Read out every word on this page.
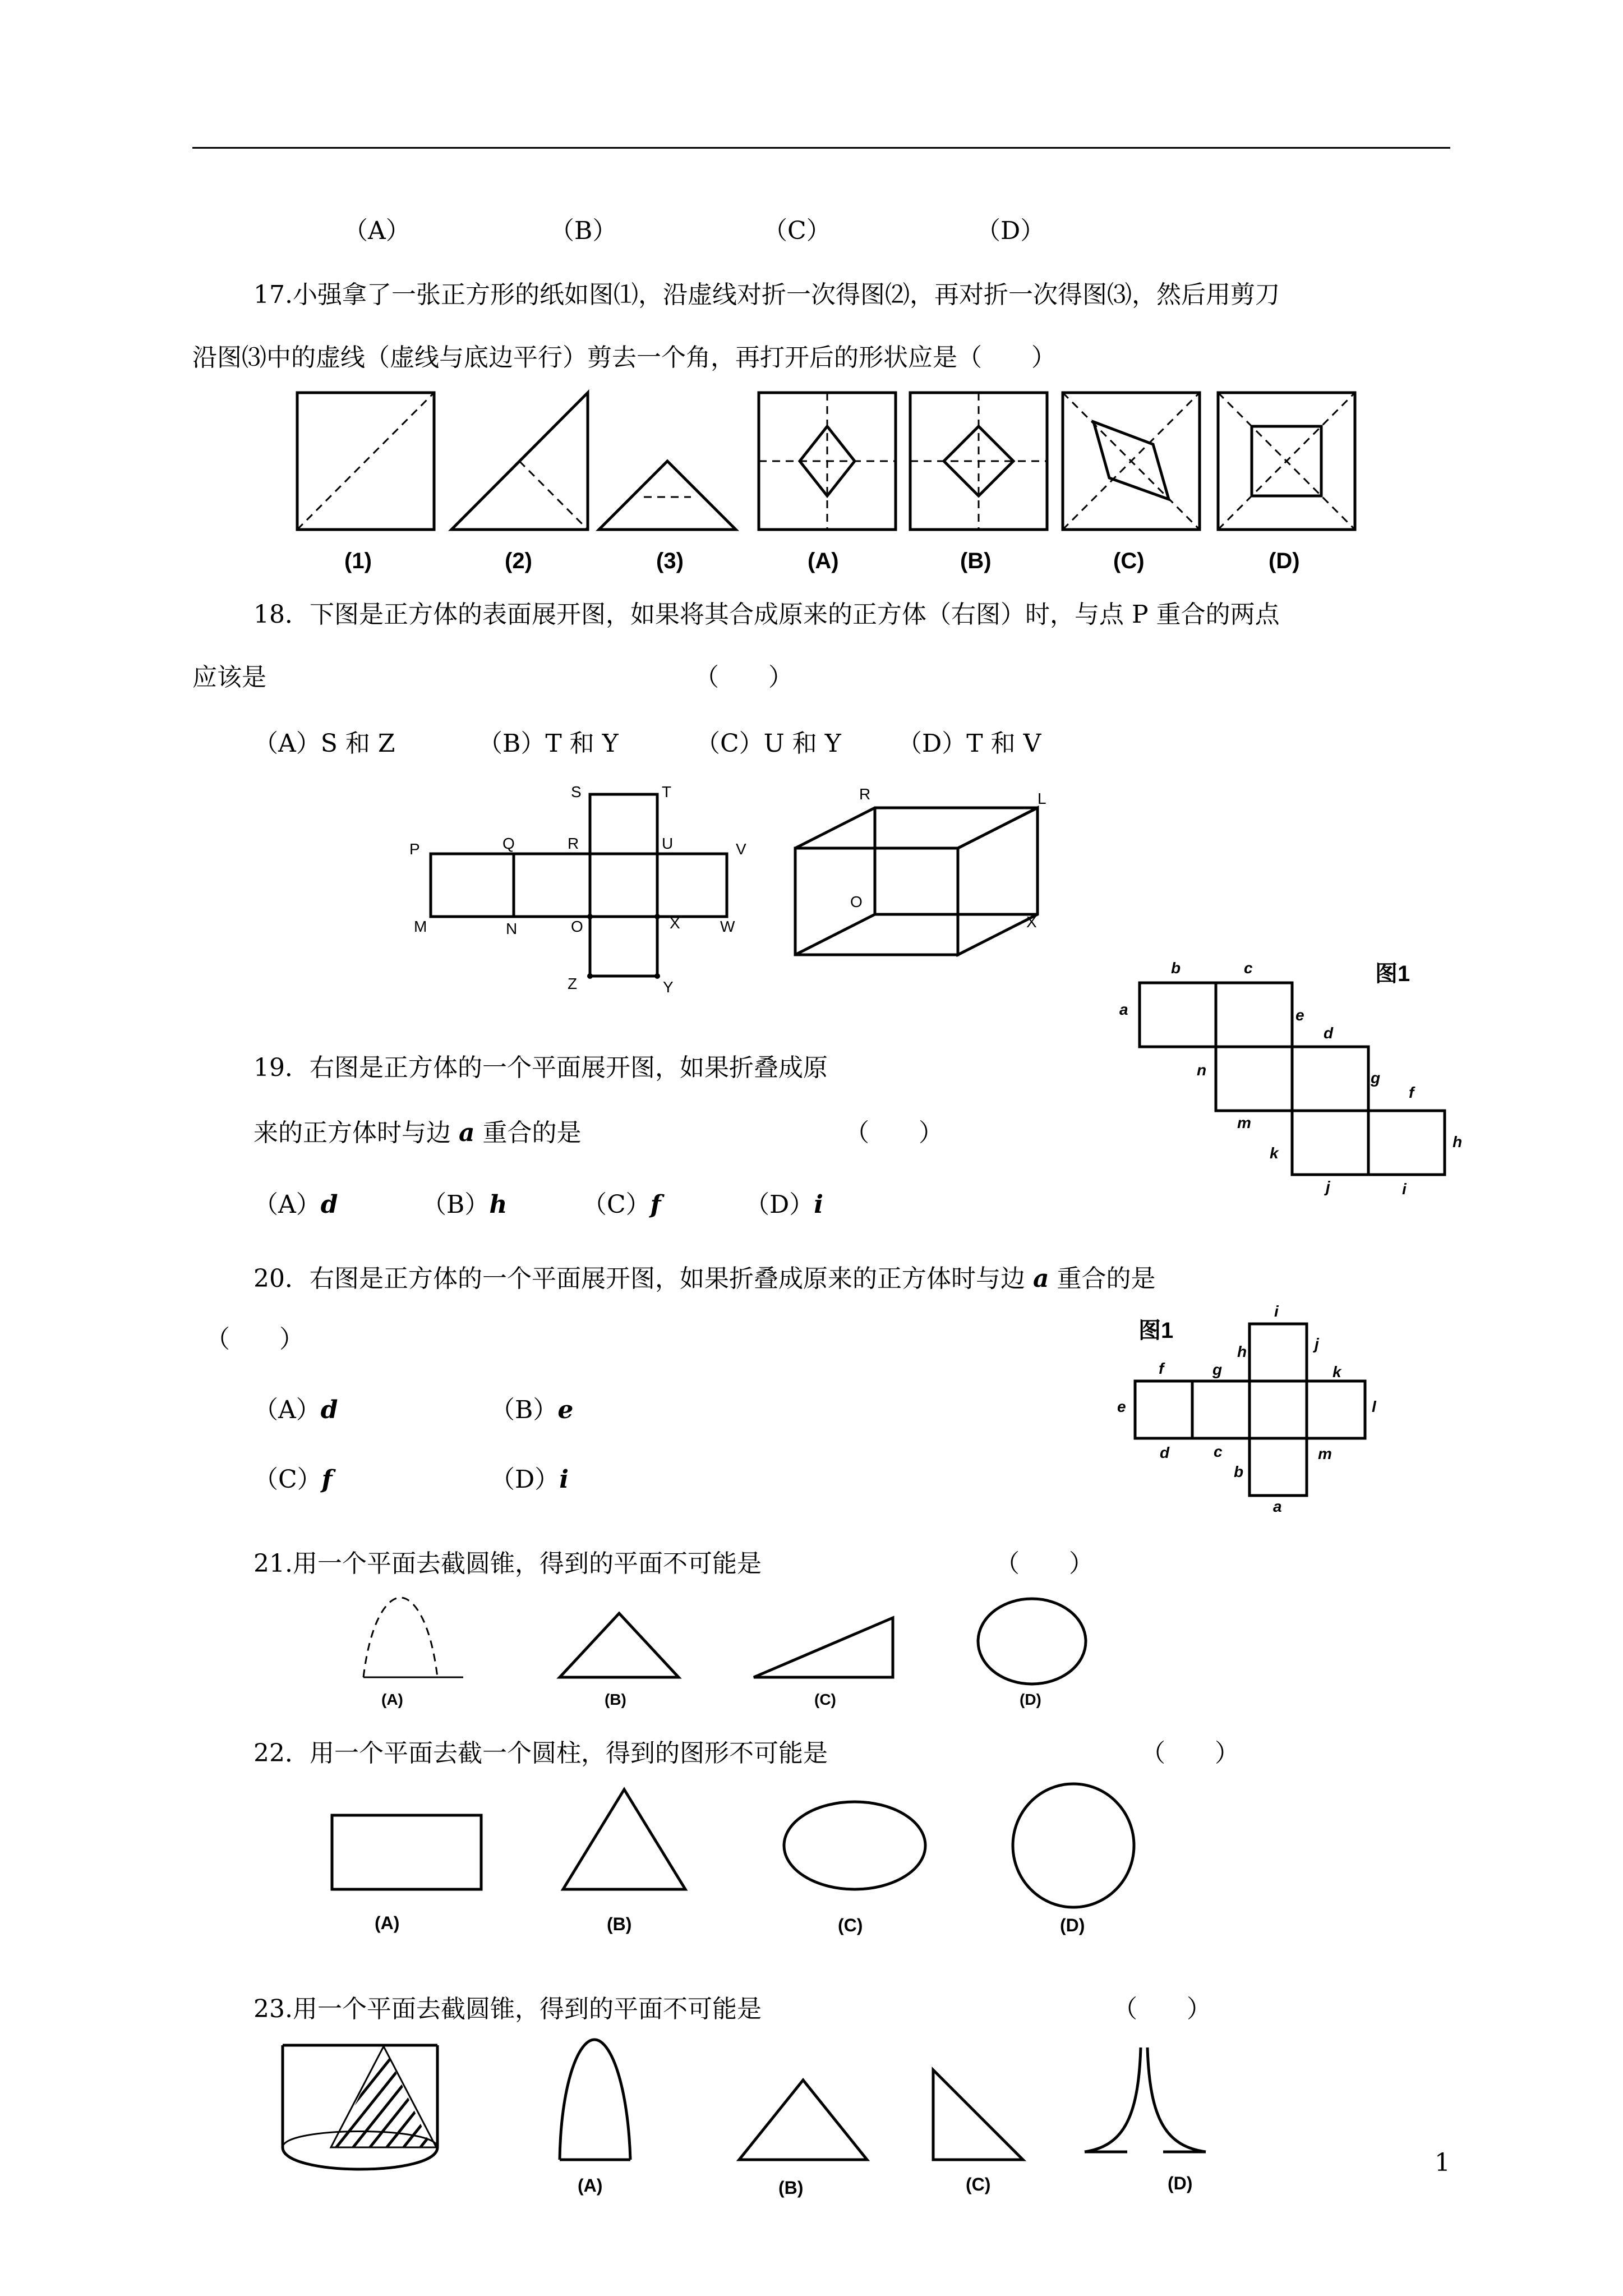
（A）	（B）	（C）	（D）
17.小强拿了一张正方形的纸如图⑴，沿虚线对折一次得图⑵，再对折一次得图⑶，然后用剪刀
沿图⑶中的虚线（虚线与底边平行）剪去一个角，再打开后的形状应是（　　）
(1)	(2)	(3)	(A)	(B)	(C)	(D)
18．下图是正方体的表面展开图，如果将其合成原来的正方体（右图）时，与点 P 重合的两点
应该是	（　　）
（A）S 和 Z	（B）T 和 Y	（C）U 和 Y （D）T 和 V
S	T
P	Q	R	U	V
M	N	O	X	W
Z	Y
R	L
O
X
19．右图是正方体的一个平面展开图，如果折叠成原
来的正方体时与边 a 重合的是	（　　）
（A）d	（B）h	（C）f	（D）i
图1
a
b	c
d
e
f
g
h
i
j
k
m
n
20．右图是正方体的一个平面展开图，如果折叠成原来的正方体时与边 a 重合的是
（　　）
（A）d	（B）e
（C）f	（D）i
图1
i
j
f	g
h
k
e	l
d	c
b
m
a
21.用一个平面去截圆锥，得到的平面不可能是	（　　）
(A)	(B)	(C)	(D)
22．用一个平面去截一个圆柱，得到的图形不可能是	（　　）
(A)	(B)	(C)	(D)
23.用一个平面去截圆锥，得到的平面不可能是	（　　）
(A)	(B)	(C)	(D)
1
